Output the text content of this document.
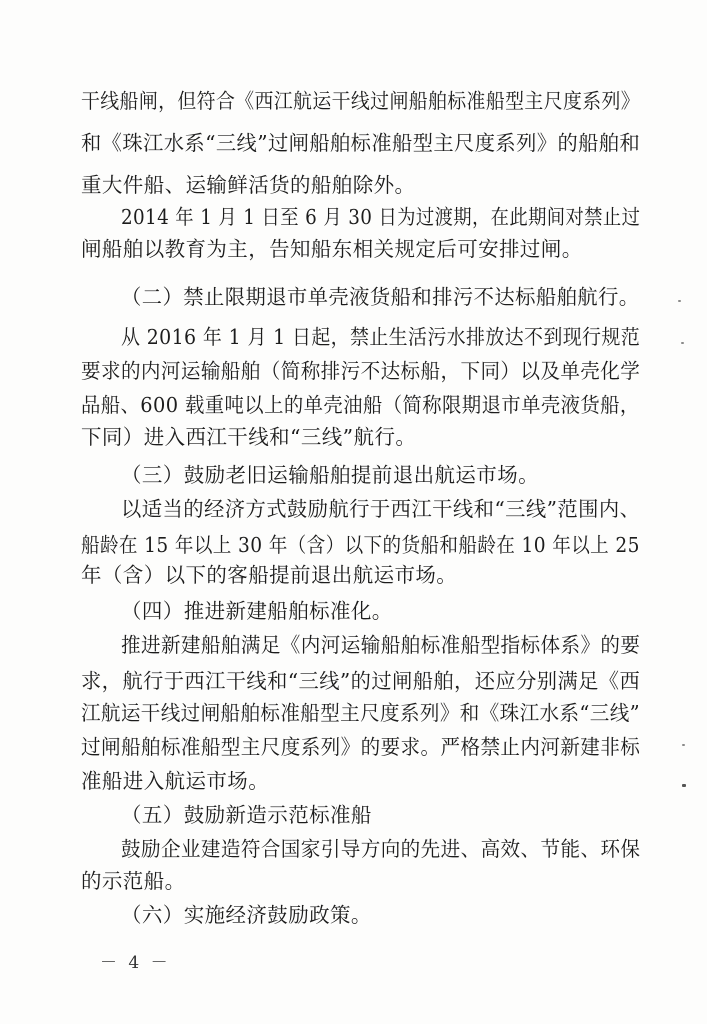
干线船闸，但符合《西江航运干线过闸船舶标准船型主尺度系列》
和《珠江水系“三线”过闸船舶标准船型主尺度系列》的船舶和
重大件船、运输鲜活货的船舶除外。
2014 年 1 月 1 日至 6 月 30 日为过渡期，在此期间对禁止过
闸船舶以教育为主，告知船东相关规定后可安排过闸。
（二）禁止限期退市单壳液货船和排污不达标船舶航行。
从 2016 年 1 月 1 日起，禁止生活污水排放达不到现行规范
要求的内河运输船舶（简称排污不达标船，下同）以及单壳化学
品船、600 载重吨以上的单壳油船（简称限期退市单壳液货船，
下同）进入西江干线和“三线”航行。
（三）鼓励老旧运输船舶提前退出航运市场。
以适当的经济方式鼓励航行于西江干线和“三线”范围内、
船龄在 15 年以上 30 年（含）以下的货船和船龄在 10 年以上 25
年（含）以下的客船提前退出航运市场。
（四）推进新建船舶标准化。
推进新建船舶满足《内河运输船舶标准船型指标体系》的要
求，航行于西江干线和“三线”的过闸船舶，还应分别满足《西
江航运干线过闸船舶标准船型主尺度系列》和《珠江水系“三线”
过闸船舶标准船型主尺度系列》的要求。严格禁止内河新建非标
准船进入航运市场。
（五）鼓励新造示范标准船
鼓励企业建造符合国家引导方向的先进、高效、节能、环保
的示范船。
（六）实施经济鼓励政策。
－ 4 －
